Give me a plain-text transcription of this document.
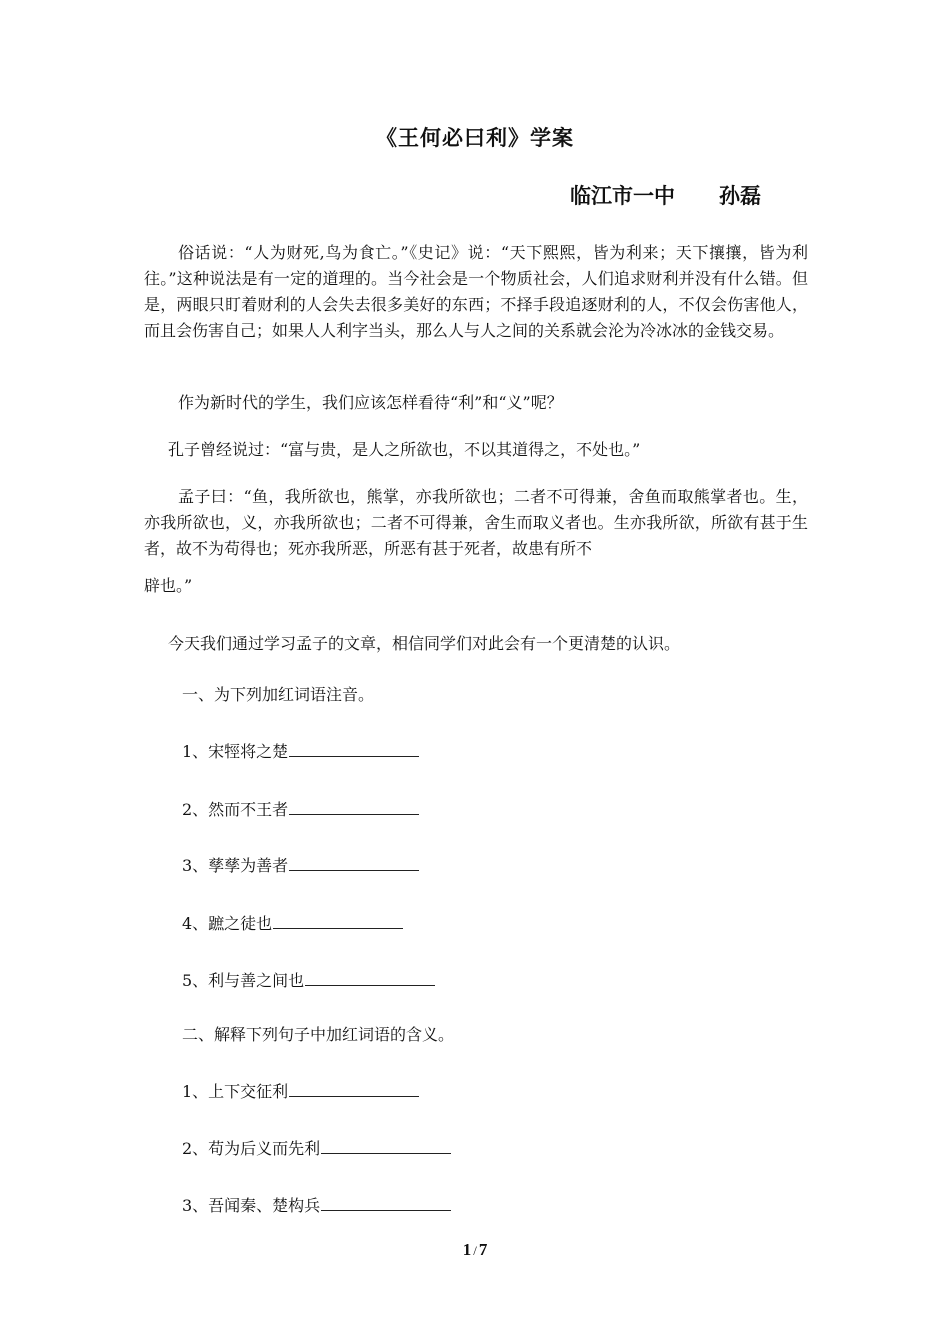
《王何必曰利》学案
临江市一中 孙磊
俗话说：“人为财死,鸟为食亡。”《史记》说：“天下熙熙，皆为利来；天下攘攘，皆为利往。”这种说法是有一定的道理的。当今社会是一个物质社会，人们追求财利并没有什么错。但是，两眼只盯着财利的人会失去很多美好的东西；不择手段追逐财利的人，不仅会伤害他人，而且会伤害自己；如果人人利字当头，那么人与人之间的关系就会沦为冷冰冰的金钱交易。
作为新时代的学生，我们应该怎样看待“利”和“义”呢？
孔子曾经说过：“富与贵，是人之所欲也，不以其道得之，不处也。”
孟子曰：“鱼，我所欲也，熊掌，亦我所欲也；二者不可得兼，舍鱼而取熊掌者也。生，亦我所欲也，义，亦我所欲也；二者不可得兼，舍生而取义者也。生亦我所欲，所欲有甚于生者，故不为苟得也；死亦我所恶，所恶有甚于死者，故患有所不
辟也。”
今天我们通过学习孟子的文章，相信同学们对此会有一个更清楚的认识。
一、为下列加红词语注音。
1、宋牼将之楚
2、然而不王者
3、孳孳为善者
4、蹠之徒也
5、利与善之间也
二、解释下列句子中加红词语的含义。
1、上下交征利
2、苟为后义而先利
3、吾闻秦、楚构兵
1 / 7
